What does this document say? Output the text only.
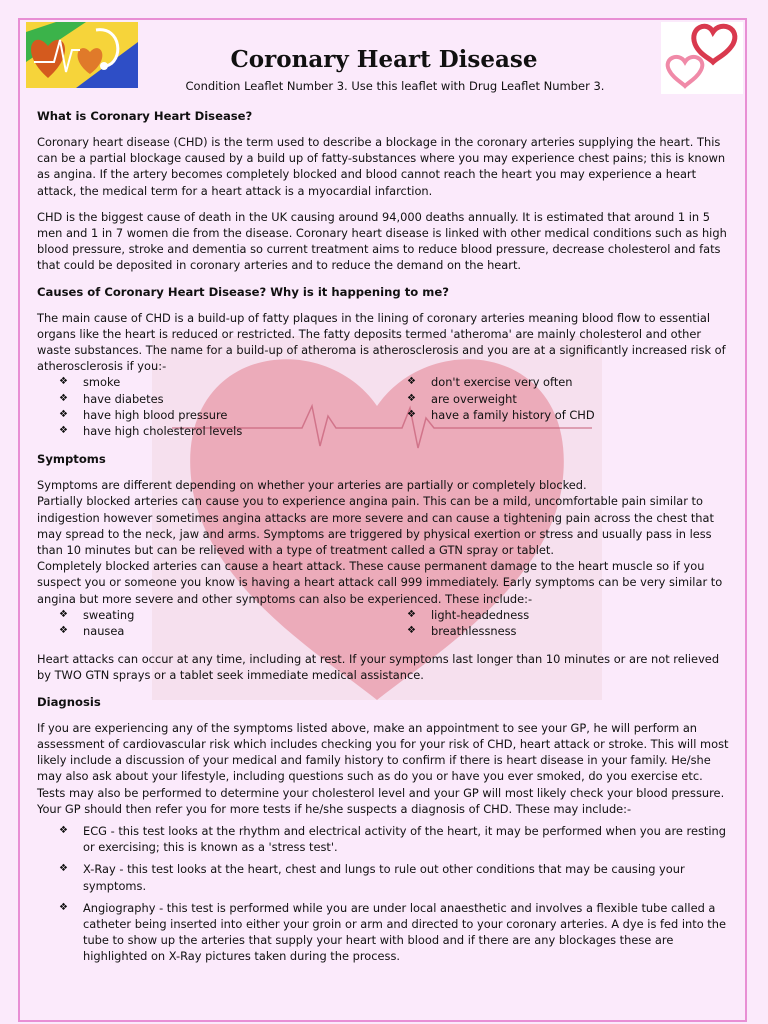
Coronary Heart Disease
Condition Leaflet Number 3. Use this leaflet with Drug Leaflet Number 3.
What is Coronary Heart Disease?

Coronary heart disease (CHD) is the term used to describe a blockage in the coronary arteries supplying the heart. This can be a partial blockage caused by a build up of fatty-substances where you may experience chest pains; this is known as angina. If the artery becomes completely blocked and blood cannot reach the heart you may experience a heart attack, the medical term for a heart attack is a myocardial infarction.

CHD is the biggest cause of death in the UK causing around 94,000 deaths annually. It is estimated that around 1 in 5 men and 1 in 7 women die from the disease. Coronary heart disease is linked with other medical conditions such as high blood pressure, stroke and dementia so current treatment aims to reduce blood pressure, decrease cholesterol and fats that could be deposited in coronary arteries and to reduce the demand on the heart.

Causes of Coronary Heart Disease? Why is it happening to me?

The main cause of CHD is a build-up of fatty plaques in the lining of coronary arteries meaning blood flow to essential organs like the heart is reduced or restricted. The fatty deposits termed 'atheroma' are mainly cholesterol and other waste substances. The name for a build-up of atheroma is atherosclerosis and you are at a significantly increased risk of atherosclerosis if you:-

❖ smoke
❖ have diabetes
❖ have high blood pressure
❖ have high cholesterol levels
❖ don't exercise very often
❖ are overweight
❖ have a family history of CHD
Symptoms
Symptoms are different depending on whether your arteries are partially or completely blocked.
Partially blocked arteries can cause you to experience angina pain. This can be a mild, uncomfortable pain similar to indigestion however sometimes angina attacks are more severe and can cause a tightening pain across the chest that may spread to the neck, jaw and arms. Symptoms are triggered by physical exertion or stress and usually pass in less than 10 minutes but can be relieved with a type of treatment called a GTN spray or tablet.
Completely blocked arteries can cause a heart attack. These cause permanent damage to the heart muscle so if you suspect you or someone you know is having a heart attack call 999 immediately. Early symptoms can be very similar to angina but more severe and other symptoms can also be experienced. These include:-
❖ sweating
❖ nausea
❖ light-headedness
❖ breathlessness

Heart attacks can occur at any time, including at rest. If your symptoms last longer than 10 minutes or are not relieved by TWO GTN sprays or a tablet seek immediate medical assistance.

Diagnosis

If you are experiencing any of the symptoms listed above, make an appointment to see your GP, he will perform an assessment of cardiovascular risk which includes checking you for your risk of CHD, heart attack or stroke. This will most likely include a discussion of your medical and family history to confirm if there is heart disease in your family. He/she may also ask about your lifestyle, including questions such as do you or have you ever smoked, do you exercise etc. Tests may also be performed to determine your cholesterol level and your GP will most likely check your blood pressure. Your GP should then refer you for more tests if he/she suspects a diagnosis of CHD. These may include:-

❖ ECG - this test looks at the rhythm and electrical activity of the heart, it may be performed when you are resting or exercising; this is known as a 'stress test'.
❖ X-Ray - this test looks at the heart, chest and lungs to rule out other conditions that may be causing your symptoms.
❖ Angiography - this test is performed while you are under local anaesthetic and involves a flexible tube called a catheter being inserted into either your groin or arm and directed to your coronary arteries. A dye is fed into the tube to show up the arteries that supply your heart with blood and if there are any blockages these are highlighted on X-Ray pictures taken during the process.
